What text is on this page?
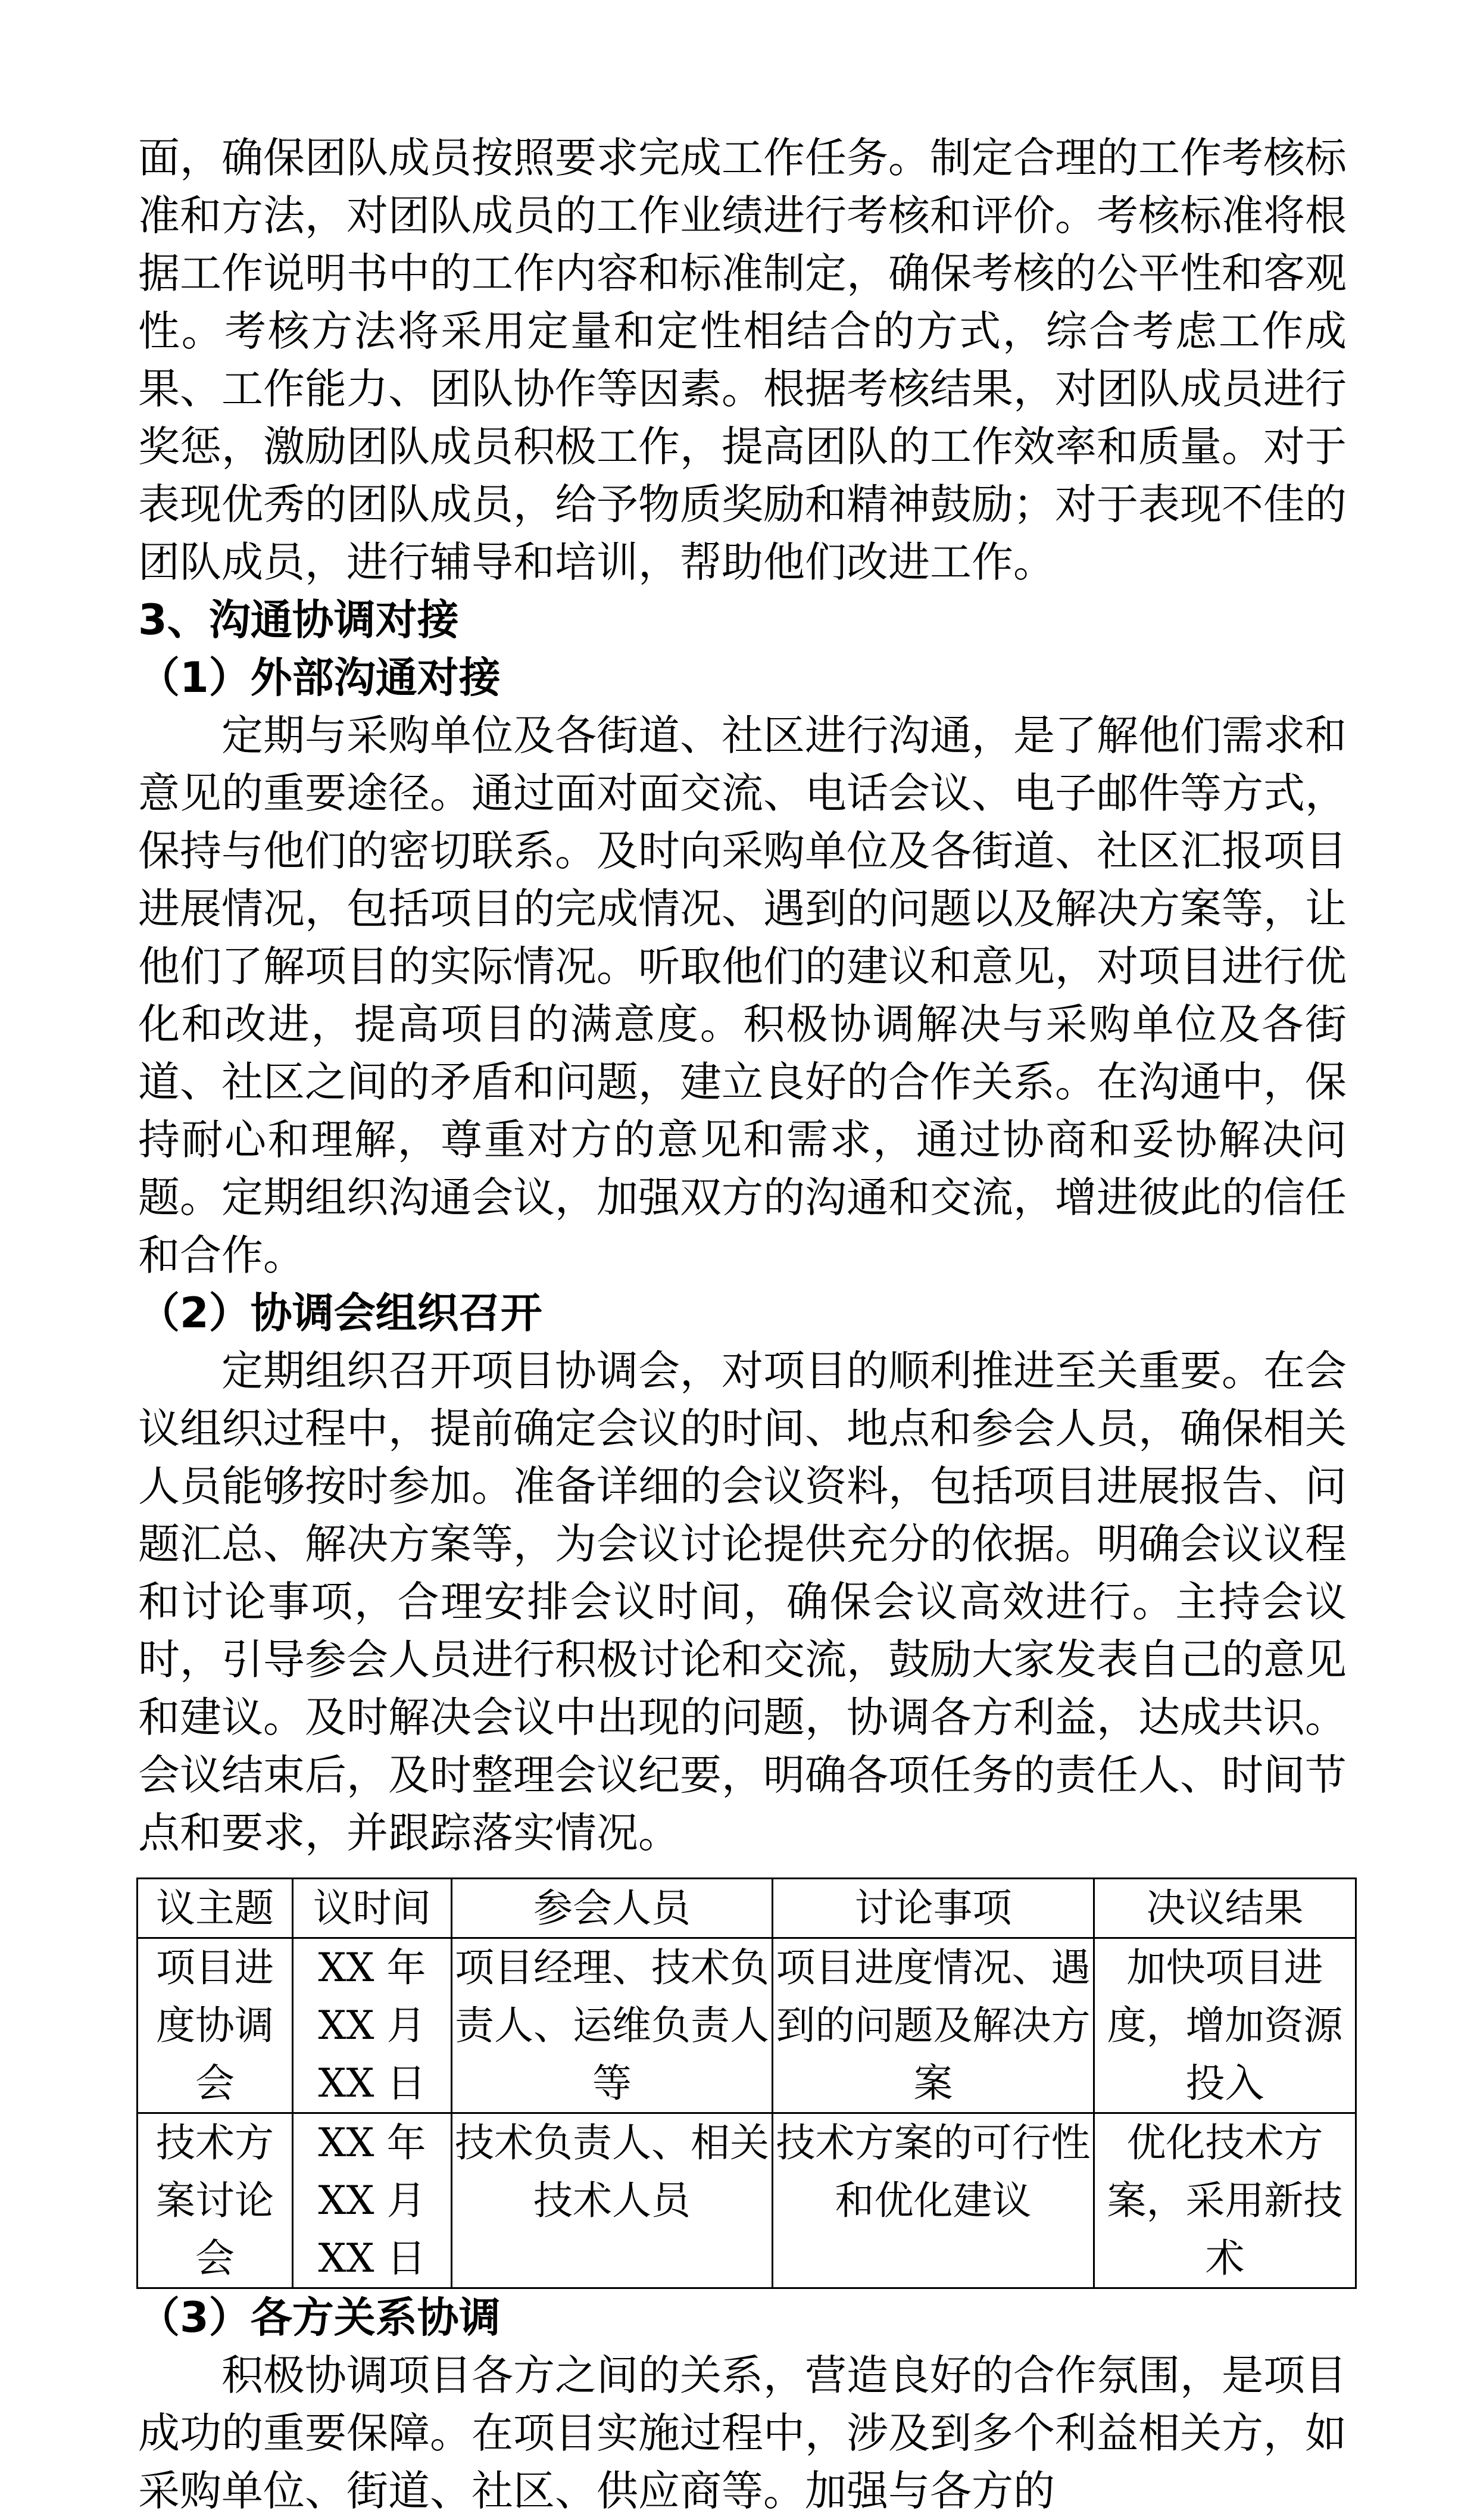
面，确保团队成员按照要求完成工作任务。制定合理的工作考核标准和方法，对团队成员的工作业绩进行考核和评价。考核标准将根据工作说明书中的工作内容和标准制定，确保考核的公平性和客观性。考核方法将采用定量和定性相结合的方式，综合考虑工作成果、工作能力、团队协作等因素。根据考核结果，对团队成员进行奖惩，激励团队成员积极工作，提高团队的工作效率和质量。对于表现优秀的团队成员，给予物质奖励和精神鼓励；对于表现不佳的团队成员，进行辅导和培训，帮助他们改进工作。

3、沟通协调对接
（1）外部沟通对接

定期与采购单位及各街道、社区进行沟通，是了解他们需求和意见的重要途径。通过面对面交流、电话会议、电子邮件等方式，保持与他们的密切联系。及时向采购单位及各街道、社区汇报项目进展情况，包括项目的完成情况、遇到的问题以及解决方案等，让他们了解项目的实际情况。听取他们的建议和意见，对项目进行优化和改进，提高项目的满意度。积极协调解决与采购单位及各街道、社区之间的矛盾和问题，建立良好的合作关系。在沟通中，保持耐心和理解，尊重对方的意见和需求，通过协商和妥协解决问题。定期组织沟通会议，加强双方的沟通和交流，增进彼此的信任和合作。

（2）协调会组织召开

定期组织召开项目协调会，对项目的顺利推进至关重要。在会议组织过程中，提前确定会议的时间、地点和参会人员，确保相关人员能够按时参加。准备详细的会议资料，包括项目进展报告、问题汇总、解决方案等，为会议讨论提供充分的依据。明确会议议程和讨论事项，合理安排会议时间，确保会议高效进行。主持会议时，引导参会人员进行积极讨论和交流，鼓励大家发表自己的意见和建议。及时解决会议中出现的问题，协调各方利益，达成共识。会议结束后，及时整理会议纪要，明确各项任务的责任人、时间节点和要求，并跟踪落实情况。

议主题	议时间	参会人员	讨论事项	决议结果
项目进度协调会	XX 年 XX 月 XX 日	项目经理、技术负责人、运维负责人等	项目进度情况、遇到的问题及解决方案	加快项目进度，增加资源投入
技术方案讨论会	XX 年 XX 月 XX 日	技术负责人、相关技术人员	技术方案的可行性和优化建议	优化技术方案，采用新技术
（3）各方关系协调

积极协调项目各方之间的关系，营造良好的合作氛围，是项目成功的重要保障。在项目实施过程中，涉及到多个利益相关方，如采购单位、街道、社区、供应商等。加强与各方的
